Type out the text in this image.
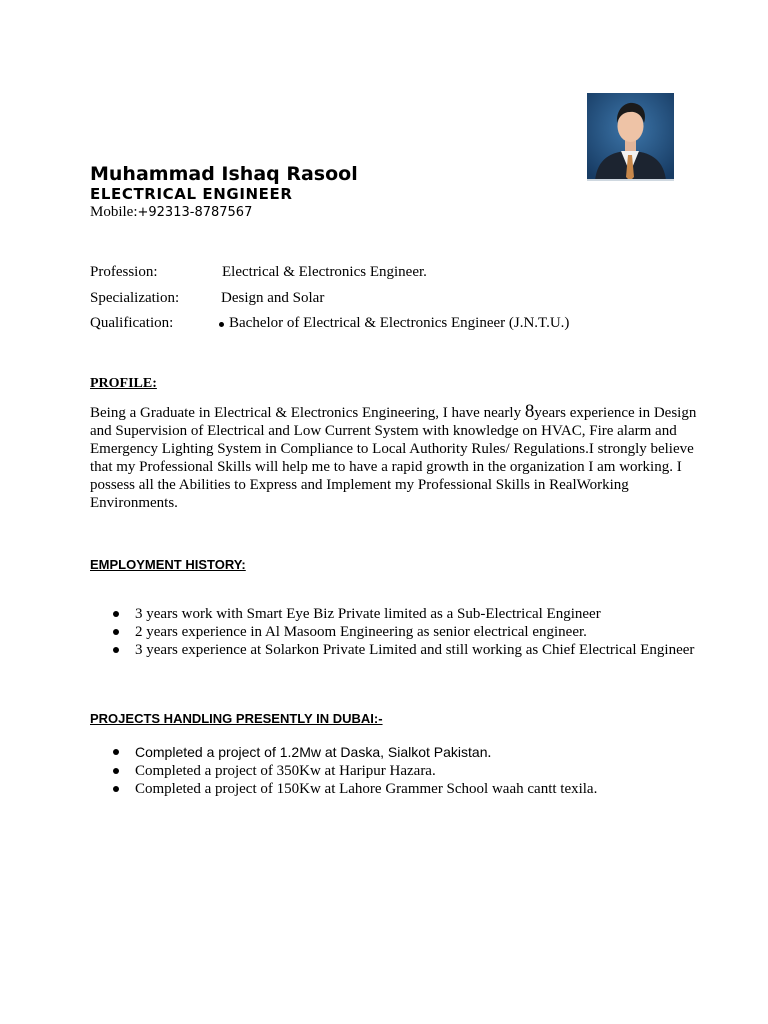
Muhammad Ishaq Rasool
ELECTRICAL ENGINEER
Mobile:+92313-8787567
Profession:	Electrical & Electronics Engineer.
Specialization:	Design and Solar
Qualification:	Bachelor of Electrical & Electronics Engineer (J.N.T.U.)
PROFILE:
Being a Graduate in Electrical & Electronics Engineering, I have nearly 8years experience in Design and Supervision of Electrical and Low Current System with knowledge on HVAC, Fire alarm and Emergency Lighting System in Compliance to Local Authority Rules/ Regulations.I strongly believe that my Professional Skills will help me to have a rapid growth in the organization I am working. I possess all the Abilities to Express and Implement my Professional Skills in RealWorking Environments.
EMPLOYMENT HISTORY:
3 years work with Smart Eye Biz Private limited as a Sub-Electrical Engineer
2 years experience in Al Masoom Engineering as senior electrical engineer.
3 years experience at Solarkon Private Limited and still working as Chief Electrical Engineer
PROJECTS HANDLING PRESENTLY IN DUBAI:-
Completed a project of 1.2Mw at Daska, Sialkot Pakistan.
Completed a project of 350Kw at Haripur Hazara.
Completed a project of 150Kw at Lahore Grammer School waah cantt texila.
